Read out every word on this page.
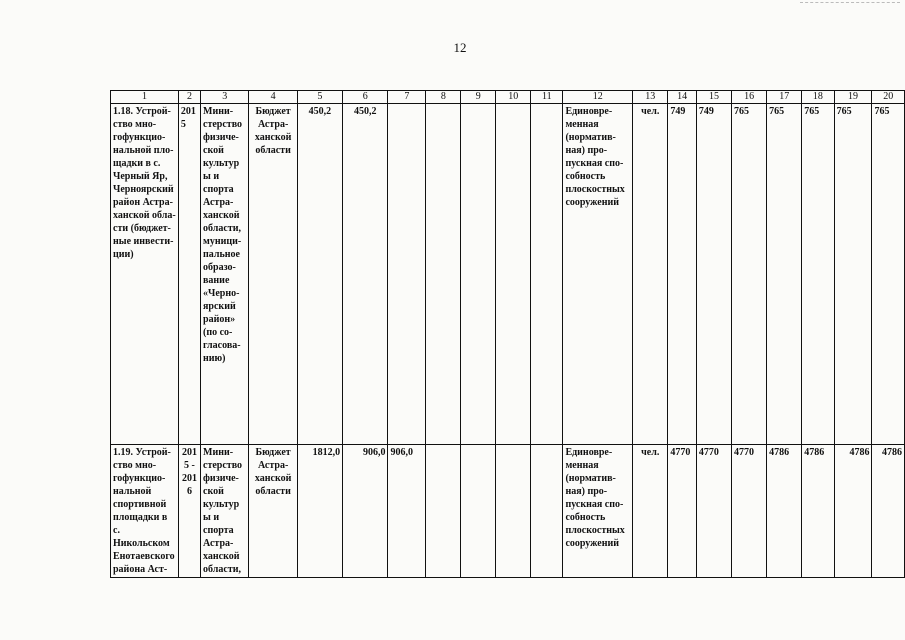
12
1	2	3	4	5	6	7	8	9	10	11	12	13	14	15	16	17	18	19	20
1.18. Устрой-ство мно-гофункцио-нальной пло-щадки в с. Черный Яр, Черноярский район Астра-ханской обла-сти (бюджет-ные инвести-ции)	2015	Мини-стерство физиче-ской культуры и спорта Астра-ханской области, муници-пальное образо-вание «Черно-ярский район» (по со-гласова-нию)	Бюджет Астра-ханской области	450,2	450,2						Единовре-менная (норматив-ная) про-пускная спо-собность плоскостных сооружений	чел.	749	749	765	765	765	765	765
1.19. Устрой-ство мно-гофункцио-нальной спортивной площадки в с. Никольском Енотаевского района Аст-	2015 - 2016	Мини-стерство физиче-ской культуры и спорта Астра-ханской области,	Бюджет Астра-ханской области	1812,0	906,0	906,0					Единовре-менная (норматив-ная) про-пускная спо-собность плоскостных сооружений	чел.	4770	4770	4770	4786	4786	4786	4786
